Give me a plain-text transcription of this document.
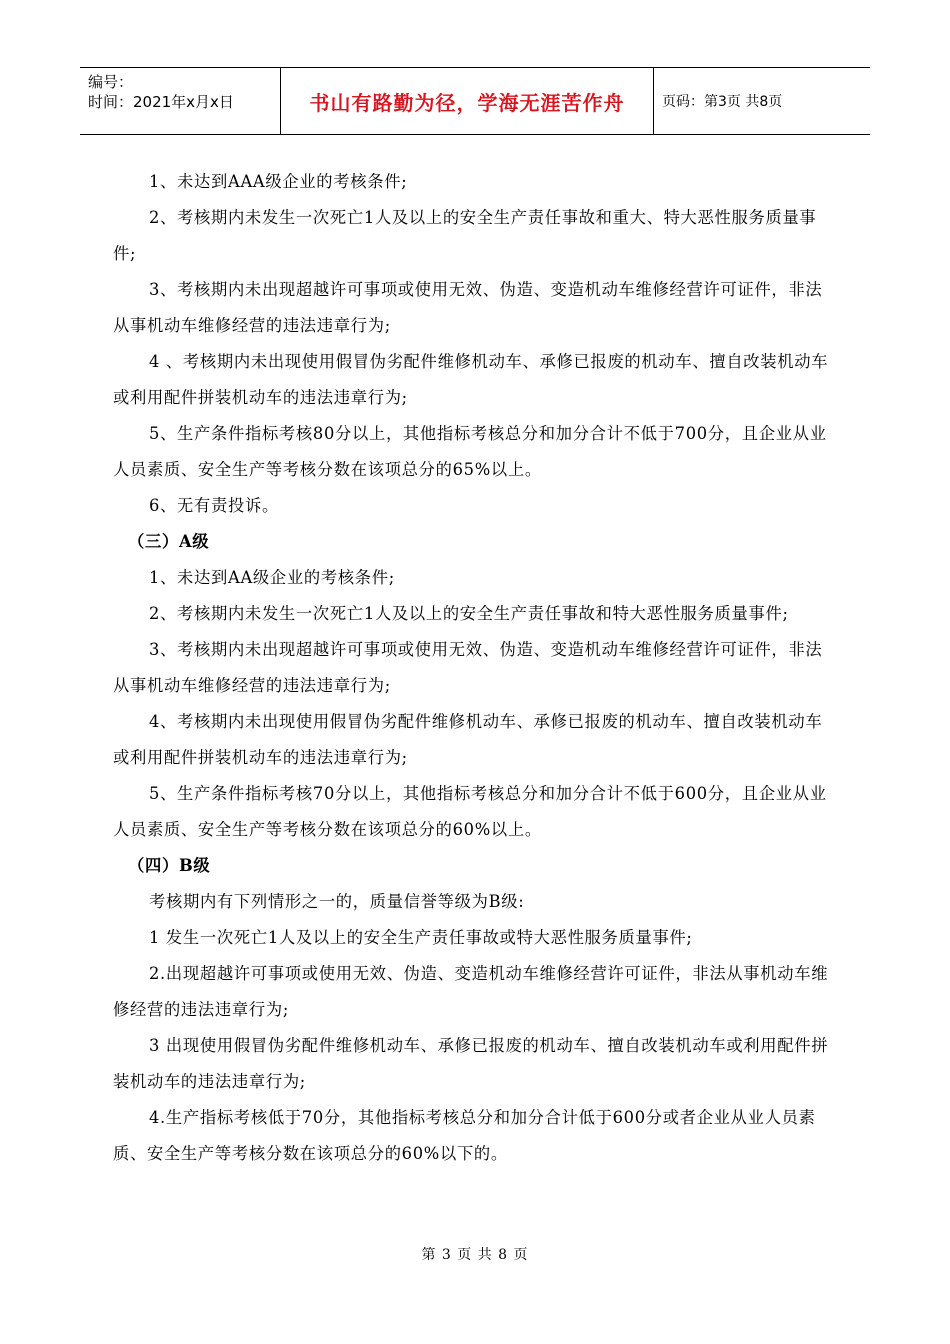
编号：
时间：2021年x月x日	书山有路勤为径，学海无涯苦作舟	页码：第3页 共8页

1、未达到AAA级企业的考核条件;

2、考核期内未发生一次死亡1人及以上的安全生产责任事故和重大、特大恶性服务质量事件;

3、考核期内未出现超越许可事项或使用无效、伪造、变造机动车维修经营许可证件，非法从事机动车维修经营的违法违章行为;

4 、考核期内未出现使用假冒伪劣配件维修机动车、承修已报废的机动车、擅自改装机动车或利用配件拼装机动车的违法违章行为;

5、生产条件指标考核80分以上，其他指标考核总分和加分合计不低于700分，且企业从业人员素质、安全生产等考核分数在该项总分的65%以上。

6、无有责投诉。

（三）A级

1、未达到AA级企业的考核条件;

2、考核期内未发生一次死亡1人及以上的安全生产责任事故和特大恶性服务质量事件;

3、考核期内未出现超越许可事项或使用无效、伪造、变造机动车维修经营许可证件，非法从事机动车维修经营的违法违章行为;

4、考核期内未出现使用假冒伪劣配件维修机动车、承修已报废的机动车、擅自改装机动车或利用配件拼装机动车的违法违章行为;

5、生产条件指标考核70分以上，其他指标考核总分和加分合计不低于600分，且企业从业人员素质、安全生产等考核分数在该项总分的60%以上。

（四）B级

考核期内有下列情形之一的，质量信誉等级为B级:

1 发生一次死亡1人及以上的安全生产责任事故或特大恶性服务质量事件;

2.出现超越许可事项或使用无效、伪造、变造机动车维修经营许可证件，非法从事机动车维修经营的违法违章行为;

3 出现使用假冒伪劣配件维修机动车、承修已报废的机动车、擅自改装机动车或利用配件拼装机动车的违法违章行为;

4.生产指标考核低于70分，其他指标考核总分和加分合计低于600分或者企业从业人员素质、安全生产等考核分数在该项总分的60%以下的。

第 3 页 共 8 页
